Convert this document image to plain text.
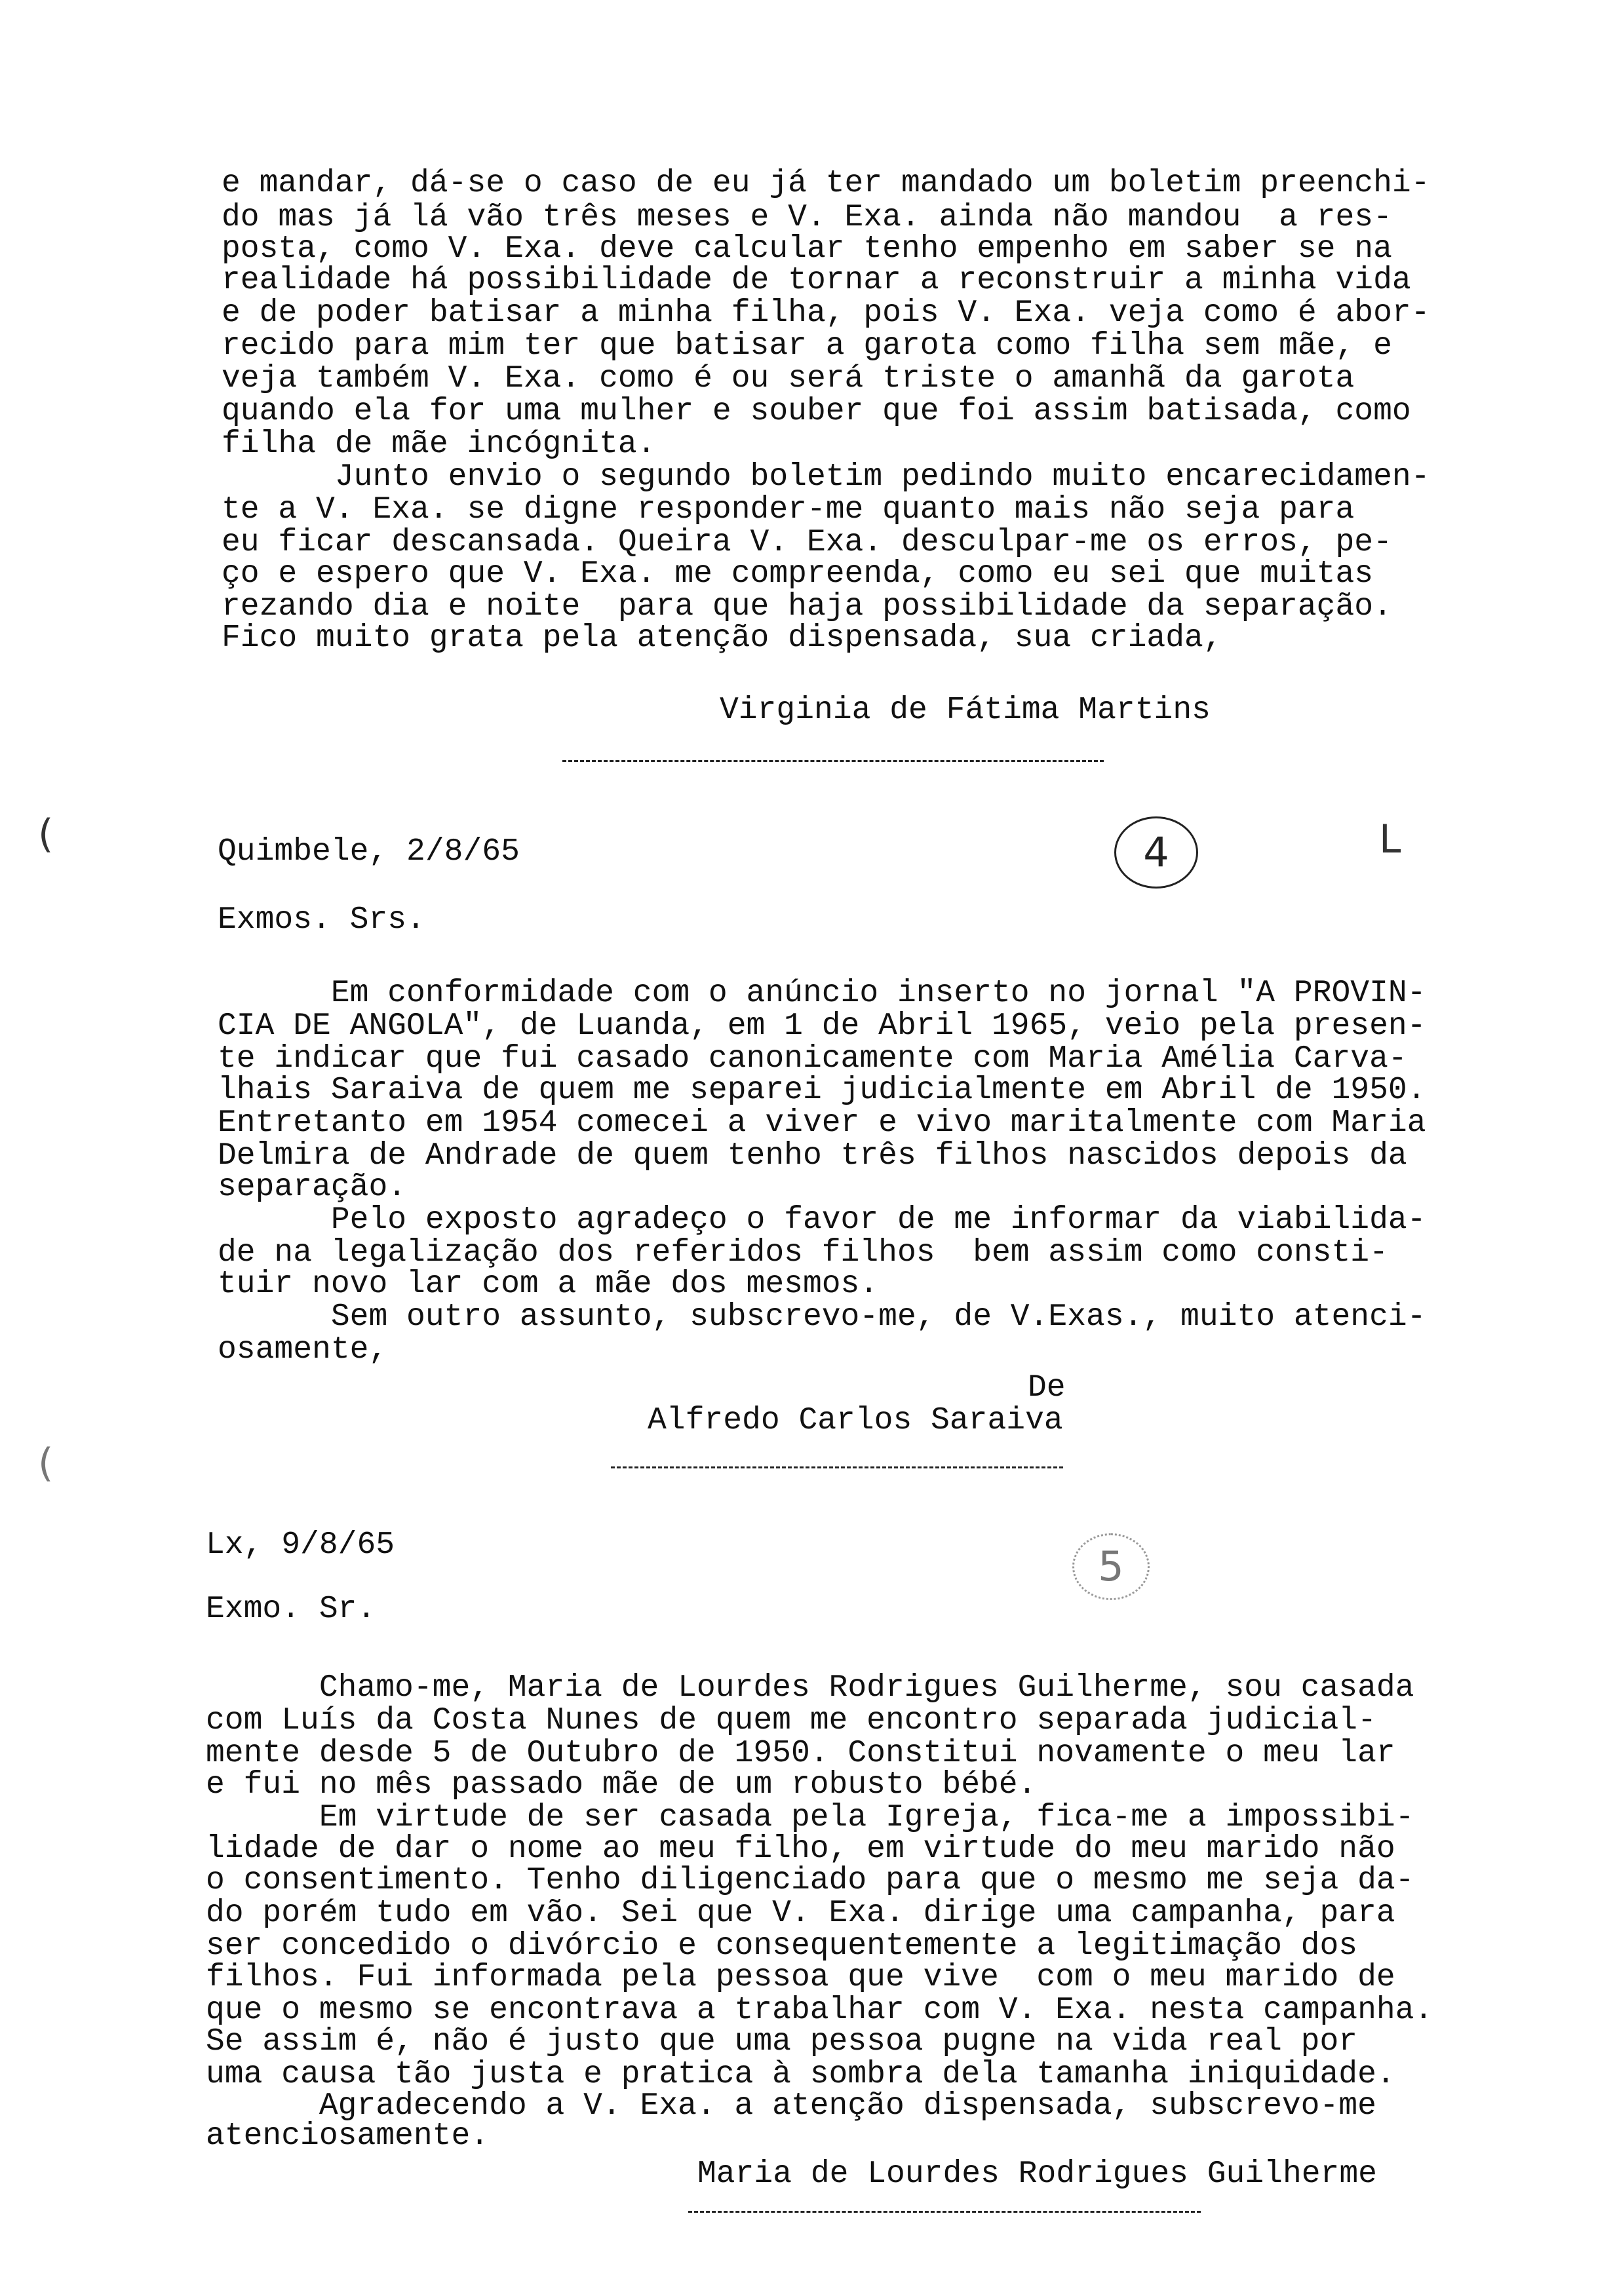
e mandar, dá-se o caso de eu já ter mandado um boletim preenchi-
do mas já lá vão três meses e V. Exa. ainda não mandou  a res-
posta, como V. Exa. deve calcular tenho empenho em saber se na
realidade há possibilidade de tornar a reconstruir a minha vida
e de poder batisar a minha filha, pois V. Exa. veja como é abor-
recido para mim ter que batisar a garota como filha sem mãe, e
veja também V. Exa. como é ou será triste o amanhã da garota
quando ela for uma mulher e souber que foi assim batisada, como
filha de mãe incógnita.
Junto envio o segundo boletim pedindo muito encarecidamen-
te a V. Exa. se digne responder-me quanto mais não seja para
eu ficar descansada. Queira V. Exa. desculpar-me os erros, pe-
ço e espero que V. Exa. me compreenda, como eu sei que muitas
rezando dia e noite  para que haja possibilidade da separação.
Fico muito grata pela atenção dispensada, sua criada,
Virginia de Fátima Martins
(
(
Quimbele, 2/8/65	4	L
Exmos. Srs.
Em conformidade com o anúncio inserto no jornal "A PROVIN-
CIA DE ANGOLA", de Luanda, em 1 de Abril 1965, veio pela presen-
te indicar que fui casado canonicamente com Maria Amélia Carva-
lhais Saraiva de quem me separei judicialmente em Abril de 1950.
Entretanto em 1954 comecei a viver e vivo maritalmente com Maria
Delmira de Andrade de quem tenho três filhos nascidos depois da
separação.
Pelo exposto agradeço o favor de me informar da viabilida-
de na legalização dos referidos filhos  bem assim como consti-
tuir novo lar com a mãe dos mesmos.
Sem outro assunto, subscrevo-me, de V.Exas., muito atenci-
osamente,
De
Alfredo Carlos Saraiva
Lx, 9/8/65	5
Exmo. Sr.
Chamo-me, Maria de Lourdes Rodrigues Guilherme, sou casada
com Luís da Costa Nunes de quem me encontro separada judicial-
mente desde 5 de Outubro de 1950. Constitui novamente o meu lar
e fui no mês passado mãe de um robusto bébé.
Em virtude de ser casada pela Igreja, fica-me a impossibi-
lidade de dar o nome ao meu filho, em virtude do meu marido não
o consentimento. Tenho diligenciado para que o mesmo me seja da-
do porém tudo em vão. Sei que V. Exa. dirige uma campanha, para
ser concedido o divórcio e consequentemente a legitimação dos
filhos. Fui informada pela pessoa que vive  com o meu marido de
que o mesmo se encontrava a trabalhar com V. Exa. nesta campanha.
Se assim é, não é justo que uma pessoa pugne na vida real por
uma causa tão justa e pratica à sombra dela tamanha iniquidade.
Agradecendo a V. Exa. a atenção dispensada, subscrevo-me
atenciosamente.
Maria de Lourdes Rodrigues Guilherme
